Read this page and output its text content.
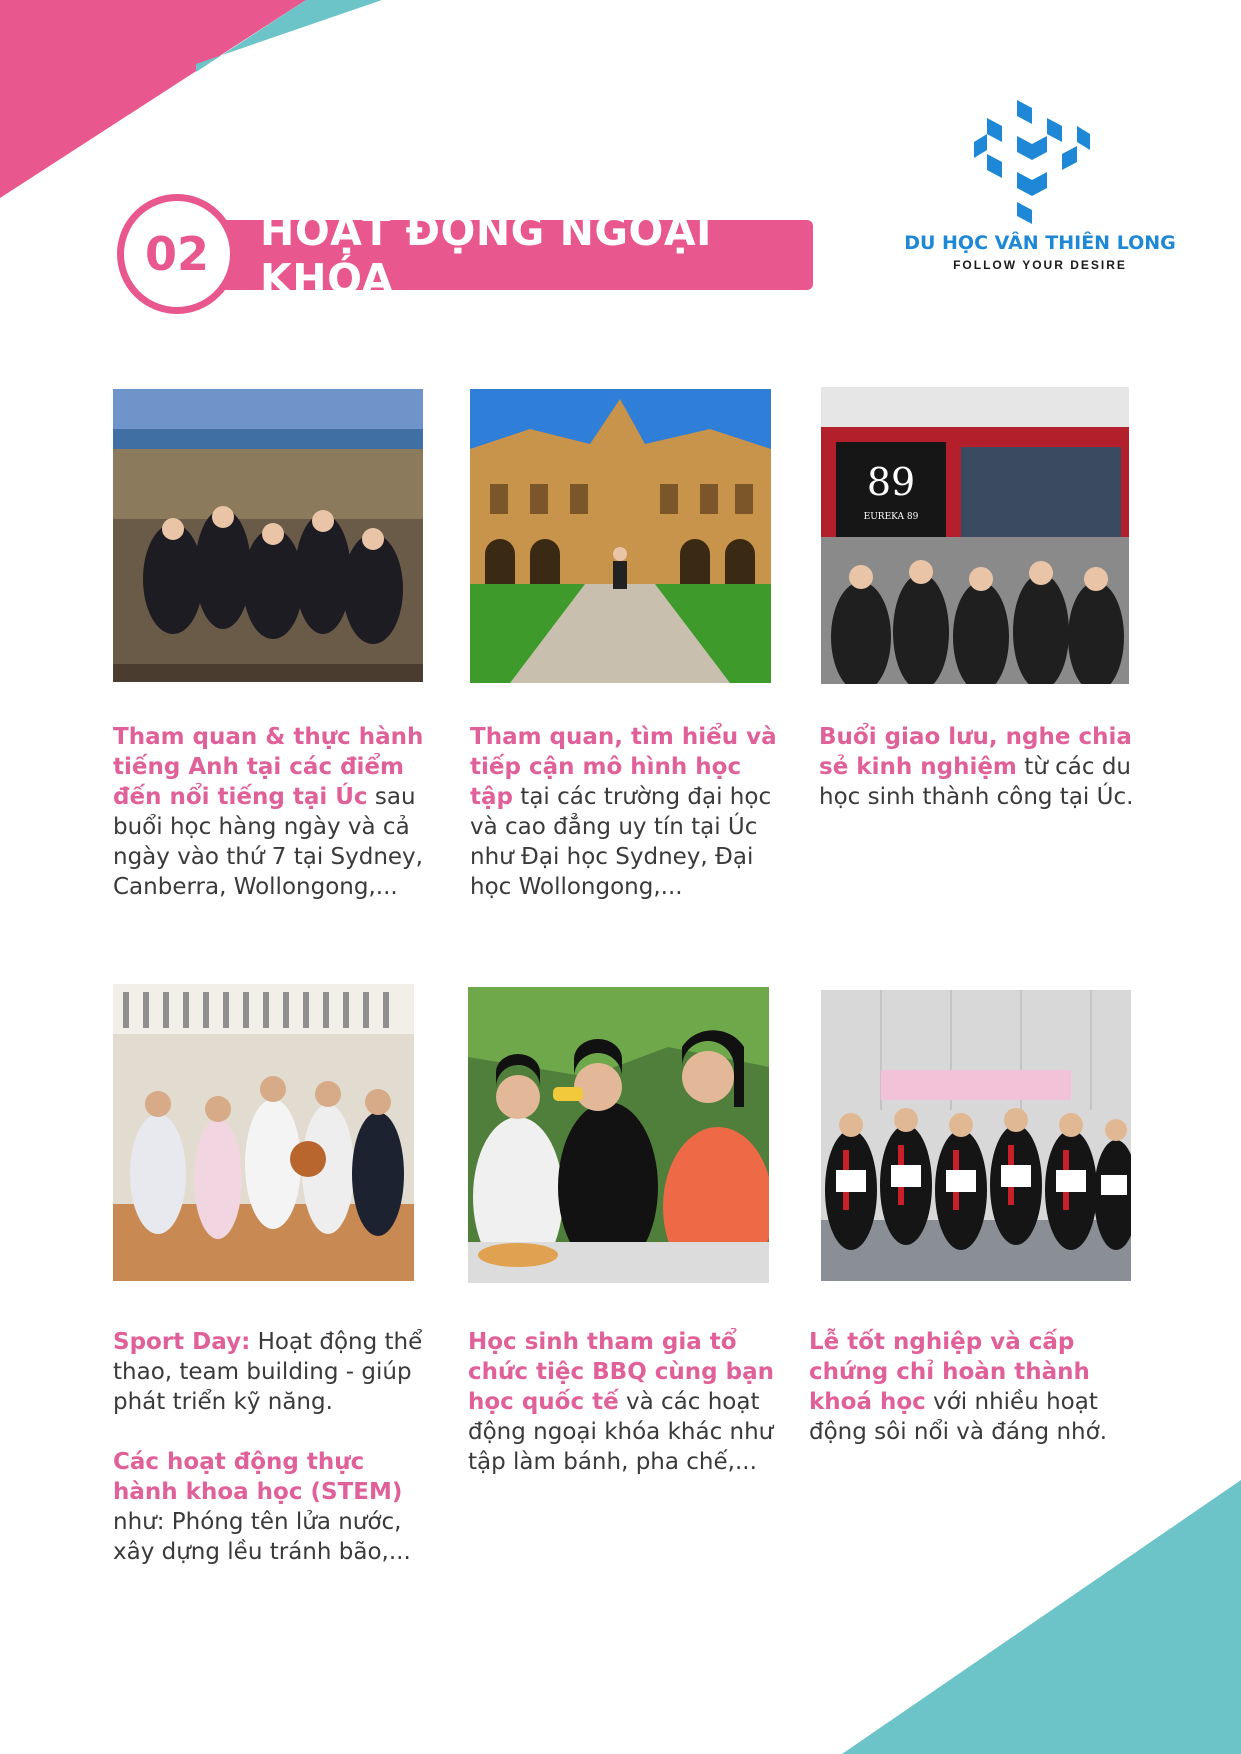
HOẠT ĐỘNG NGOẠI KHÓA
02	DU HỌC VÂN THIÊN LONG
FOLLOW YOUR DESIRE
89
EUREKA 89
Tham quan & thực hành tiếng Anh tại các điểm đến nổi tiếng tại Úc sau buổi học hàng ngày và cả ngày vào thứ 7 tại Sydney, Canberra, Wollongong,...
Tham quan, tìm hiểu và tiếp cận mô hình học tập tại các trường đại học và cao đẳng uy tín tại Úc như Đại học Sydney, Đại học Wollongong,...
Buổi giao lưu, nghe chia sẻ kinh nghiệm từ các du học sinh thành công tại Úc.
Sport Day: Hoạt động thể thao, team building - giúp phát triển kỹ năng.
Các hoạt động thực hành khoa học (STEM) như: Phóng tên lửa nước, xây dựng lều tránh bão,...
Học sinh tham gia tổ chức tiệc BBQ cùng bạn học quốc tế và các hoạt động ngoại khóa khác như tập làm bánh, pha chế,...
Lễ tốt nghiệp và cấp chứng chỉ hoàn thành khoá học với nhiều hoạt động sôi nổi và đáng nhớ.
